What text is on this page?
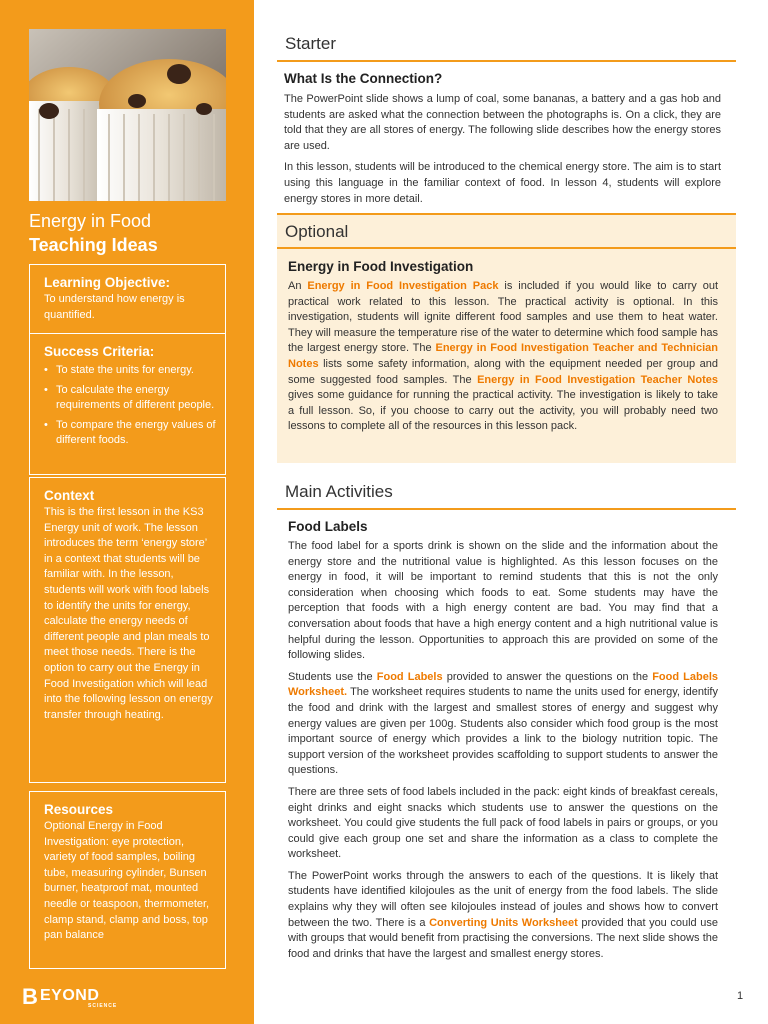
Energy in Food
Teaching Ideas
Learning Objective:

To understand how energy is quantified.

Success Criteria:
• To state the units for energy.
• To calculate the energy requirements of different people.
• To compare the energy values of different foods.
Context

This is the first lesson in the KS3 Energy unit of work. The lesson introduces the term ‘energy store’ in a context that students will be familiar with. In the lesson, students will work with food labels to identify the units for energy, calculate the energy needs of different people and plan meals to meet those needs. There is the option to carry out the Energy in Food Investigation which will lead into the following lesson on energy transfer through heating.

Resources

Optional Energy in Food Investigation: eye protection, variety of food samples, boiling tube, measuring cylinder, Bunsen burner, heatproof mat, mounted needle or teaspoon, thermometer, clamp stand, clamp and boss, top pan balance

B EYOND
SCIENCE
Starter
What Is the Connection?

The PowerPoint slide shows a lump of coal, some bananas, a battery and a gas hob and students are asked what the connection between the photographs is. On a click, they are told that they are all stores of energy. The following slide describes how the energy stores are used.

In this lesson, students will be introduced to the chemical energy store. The aim is to start using this language in the familiar context of food. In lesson 4, students will explore energy stores in more detail.

Optional
Energy in Food Investigation

An Energy in Food Investigation Pack is included if you would like to carry out practical work related to this lesson. The practical activity is optional. In this investigation, students will ignite different food samples and use them to heat water. They will measure the temperature rise of the water to determine which food sample has the largest energy store. The Energy in Food Investigation Teacher and Technician Notes lists some safety information, along with the equipment needed per group and some suggested food samples. The Energy in Food Investigation Teacher Notes gives some guidance for running the practical activity. The investigation is likely to take a full lesson. So, if you choose to carry out the activity, you will probably need two lessons to complete all of the resources in this lesson pack.

Main Activities
Food Labels

The food label for a sports drink is shown on the slide and the information about the energy store and the nutritional value is highlighted. As this lesson focuses on the energy in food, it will be important to remind students that this is not the only consideration when choosing which foods to eat. Some students may have the perception that foods with a high energy content are bad. You may find that a conversation about foods that have a high energy content and a high nutritional value is helpful during the lesson. Opportunities to approach this are provided on some of the following slides.

Students use the Food Labels provided to answer the questions on the Food Labels Worksheet. The worksheet requires students to name the units used for energy, identify the food and drink with the largest and smallest stores of energy and suggest why energy values are given per 100g. Students also consider which food group is the most important source of energy which provides a link to the biology nutrition topic. The support version of the worksheet provides scaffolding to support students to answer the questions.

There are three sets of food labels included in the pack: eight kinds of breakfast cereals, eight drinks and eight snacks which students use to answer the questions on the worksheet. You could give students the full pack of food labels in pairs or groups, or you could give each group one set and share the information as a class to complete the worksheet.

The PowerPoint works through the answers to each of the questions. It is likely that students have identified kilojoules as the unit of energy from the food labels. The slide explains why they will often see kilojoules instead of joules and shows how to convert between the two. There is a Converting Units Worksheet provided that you could use with groups that would benefit from practising the conversions. The next slide shows the food and drinks that have the largest and smallest energy stores.

1
